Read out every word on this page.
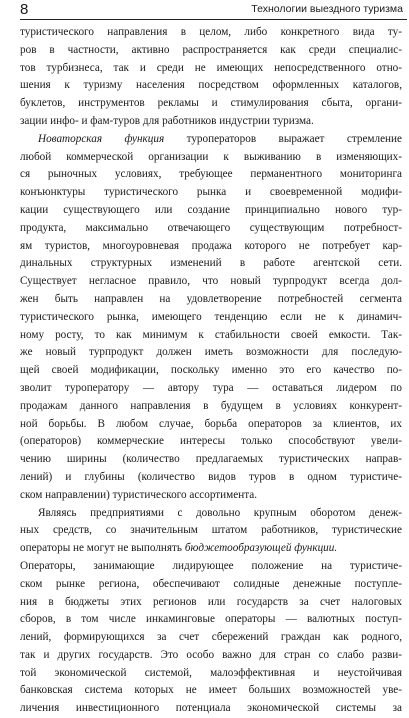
8	Технологии выездного туризма
туристического направления в целом, либо конкретного вида ту-
ров в частности, активно распространяется как среди специалис-
тов турбизнеса, так и среди не имеющих непосредственного отно-
шения к туризму населения посредством оформленных каталогов,
буклетов, инструментов рекламы и стимулирования сбыта, органи-
зации инфо- и фам-туров для работников индустрии туризма.
Новаторская функция туроператоров выражает стремление
любой коммерческой организации к выживанию в изменяющих-
ся рыночных условиях, требующее перманентного мониторинга
конъюнктуры туристического рынка и своевременной модифи-
кации существующего или создание принципиально нового тур-
продукта, максимально отвечающего существующим потребност-
ям туристов, многоуровневая продажа которого не потребует кар-
динальных структурных изменений в работе агентской сети.
Существует негласное правило, что новый турпродукт всегда дол-
жен быть направлен на удовлетворение потребностей сегмента
туристического рынка, имеющего тенденцию если не к динамич-
ному росту, то как минимум к стабильности своей емкости. Так-
же новый турпродукт должен иметь возможности для последую-
щей своей модификации, поскольку именно это его качество по-
зволит туроператору — автору тура — оставаться лидером по
продажам данного направления в будущем в условиях конкурент-
ной борьбы. В любом случае, борьба операторов за клиентов, их
(операторов) коммерческие интересы только способствуют увели-
чению ширины (количество предлагаемых туристических направ-
лений) и глубины (количество видов туров в одном туристиче-
ском направлении) туристического ассортимента.
Являясь предприятиями с довольно крупным оборотом денеж-
ных средств, со значительным штатом работников, туристические
операторы не могут не выполнять бюджетообразующей функции.
Операторы, занимающие лидирующее положение на туристиче-
ском рынке региона, обеспечивают солидные денежные поступле-
ния в бюджеты этих регионов или государств за счет налоговых
сборов, в том числе инкаминговые операторы — валютных поступ-
лений, формирующихся за счет сбережений граждан как родного,
так и других государств. Это особо важно для стран со слабо разви-
той экономической системой, малоэффективная и неустойчивая
банковская система которых не имеет больших возможностей уве-
личения инвестиционного потенциала экономической системы за
